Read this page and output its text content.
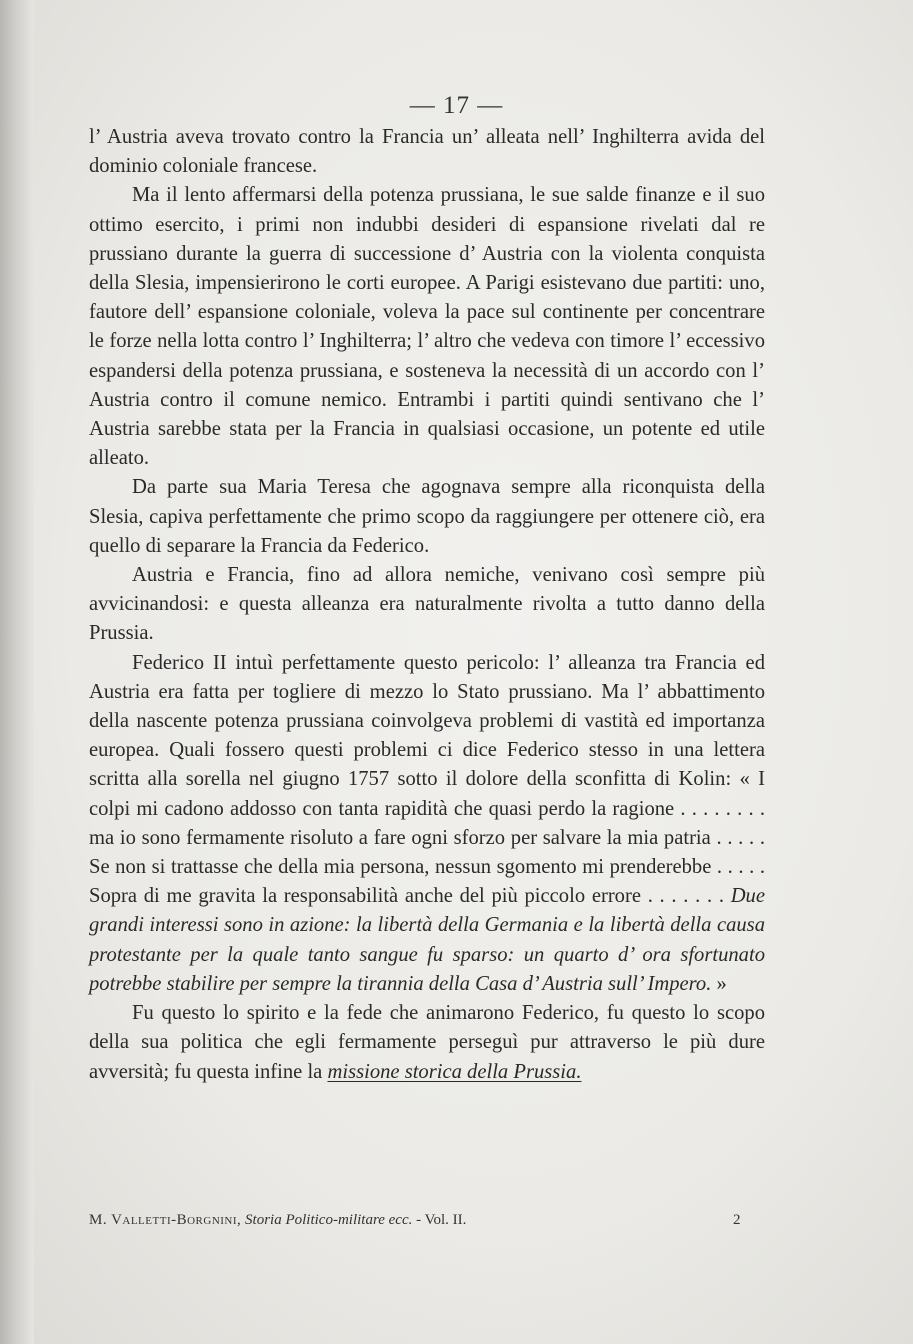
— 17 —

l’ Austria aveva trovato contro la Francia un’ alleata nell’ Inghilterra avida del dominio coloniale francese.

Ma il lento affermarsi della potenza prussiana, le sue salde finanze e il suo ottimo esercito, i primi non indubbi desideri di espansione rivelati dal re prussiano durante la guerra di successione d’ Austria con la violenta conquista della Slesia, impensierirono le corti europee. A Parigi esistevano due partiti: uno, fautore dell’ espansione coloniale, voleva la pace sul continente per concentrare le forze nella lotta contro l’ Inghilterra; l’ altro che vedeva con timore l’ eccessivo espandersi della potenza prussiana, e sosteneva la necessità di un accordo con l’ Austria contro il comune nemico. Entrambi i partiti quindi sentivano che l’ Austria sarebbe stata per la Francia in qualsiasi occasione, un potente ed utile alleato.

Da parte sua Maria Teresa che agognava sempre alla riconquista della Slesia, capiva perfettamente che primo scopo da raggiungere per ottenere ciò, era quello di separare la Francia da Federico.

Austria e Francia, fino ad allora nemiche, venivano così sempre più avvicinandosi: e questa alleanza era naturalmente rivolta a tutto danno della Prussia.

Federico II intuì perfettamente questo pericolo: l’ alleanza tra Francia ed Austria era fatta per togliere di mezzo lo Stato prussiano. Ma l’ abbattimento della nascente potenza prussiana coinvolgeva problemi di vastità ed importanza europea. Quali fossero questi problemi ci dice Federico stesso in una lettera scritta alla sorella nel giugno 1757 sotto il dolore della sconfitta di Kolin: « I colpi mi cadono addosso con tanta rapidità che quasi perdo la ragione . . . . . . . . ma io sono fermamente risoluto a fare ogni sforzo per salvare la mia patria . . . . . Se non si trattasse che della mia persona, nessun sgomento mi prenderebbe . . . . . Sopra di me gravita la responsabilità anche del più piccolo errore . . . . . . . Due grandi interessi sono in azione: la libertà della Germania e la libertà della causa protestante per la quale tanto sangue fu sparso: un quarto d’ ora sfortunato potrebbe stabilire per sempre la tirannia della Casa d’ Austria sull’ Impero. »

Fu questo lo spirito e la fede che animarono Federico, fu questo lo scopo della sua politica che egli fermamente perseguì pur attraverso le più dure avversità; fu questa infine la missione storica della Prussia.

M. Valletti-Borgnini, Storia Politico-militare ecc. - Vol. II.	2
